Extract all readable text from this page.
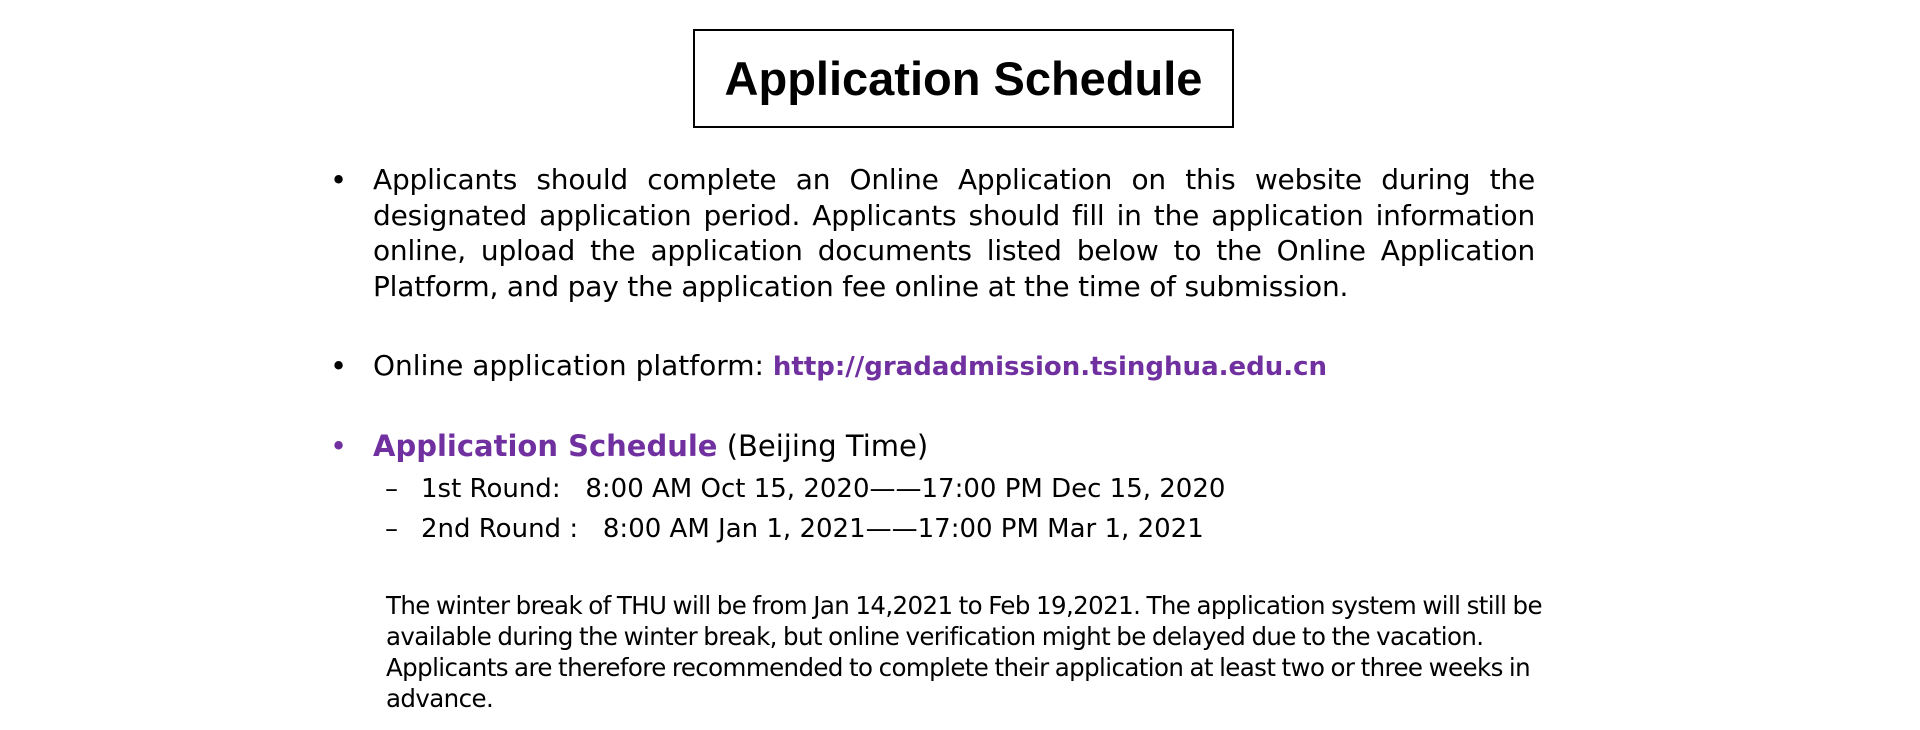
Application Schedule
• Applicants should complete an Online Application on this website during the designated application period. Applicants should fill in the application information online, upload the application documents listed below to the Online Application Platform, and pay the application fee online at the time of submission.
• Online application platform: http://gradadmission.tsinghua.edu.cn
• Application Schedule (Beijing Time)
– 1st Round: 8:00 AM Oct 15, 2020——17:00 PM Dec 15, 2020
– 2nd Round : 8:00 AM Jan 1, 2021——17:00 PM Mar 1, 2021
The winter break of THU will be from Jan 14,2021 to Feb 19,2021. The application system will still be available during the winter break, but online verification might be delayed due to the vacation. Applicants are therefore recommended to complete their application at least two or three weeks in advance.
